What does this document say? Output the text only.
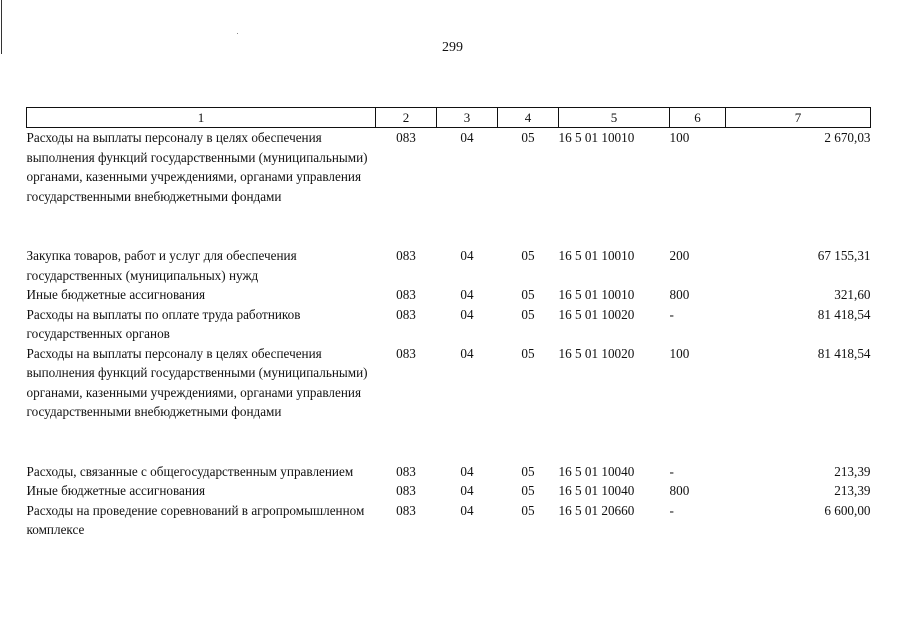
299
1	2	3	4	5	6	7
Расходы на выплаты персоналу в целях обеспечения выполнения функций государственными (муниципальными) органами, казенными учреждениями, органами управления государственными внебюджетными фондами	083	04	05	16 5 01 10010	100	2 670,03

Закупка товаров, работ и услуг для обеспечения государственных (муниципальных) нужд	083	04	05	16 5 01 10010	200	67 155,31
Иные бюджетные ассигнования	083	04	05	16 5 01 10010	800	321,60
Расходы на выплаты по оплате труда работников государственных органов	083	04	05	16 5 01 10020	-	81 418,54
Расходы на выплаты персоналу в целях обеспечения выполнения функций государственными (муниципальными) органами, казенными учреждениями, органами управления государственными внебюджетными фондами	083	04	05	16 5 01 10020	100	81 418,54

Расходы, связанные с общегосударственным управлением	083	04	05	16 5 01 10040	-	213,39
Иные бюджетные ассигнования	083	04	05	16 5 01 10040	800	213,39
Расходы на проведение соревнований в агропромышленном комплексе	083	04	05	16 5 01 20660	-	6 600,00
